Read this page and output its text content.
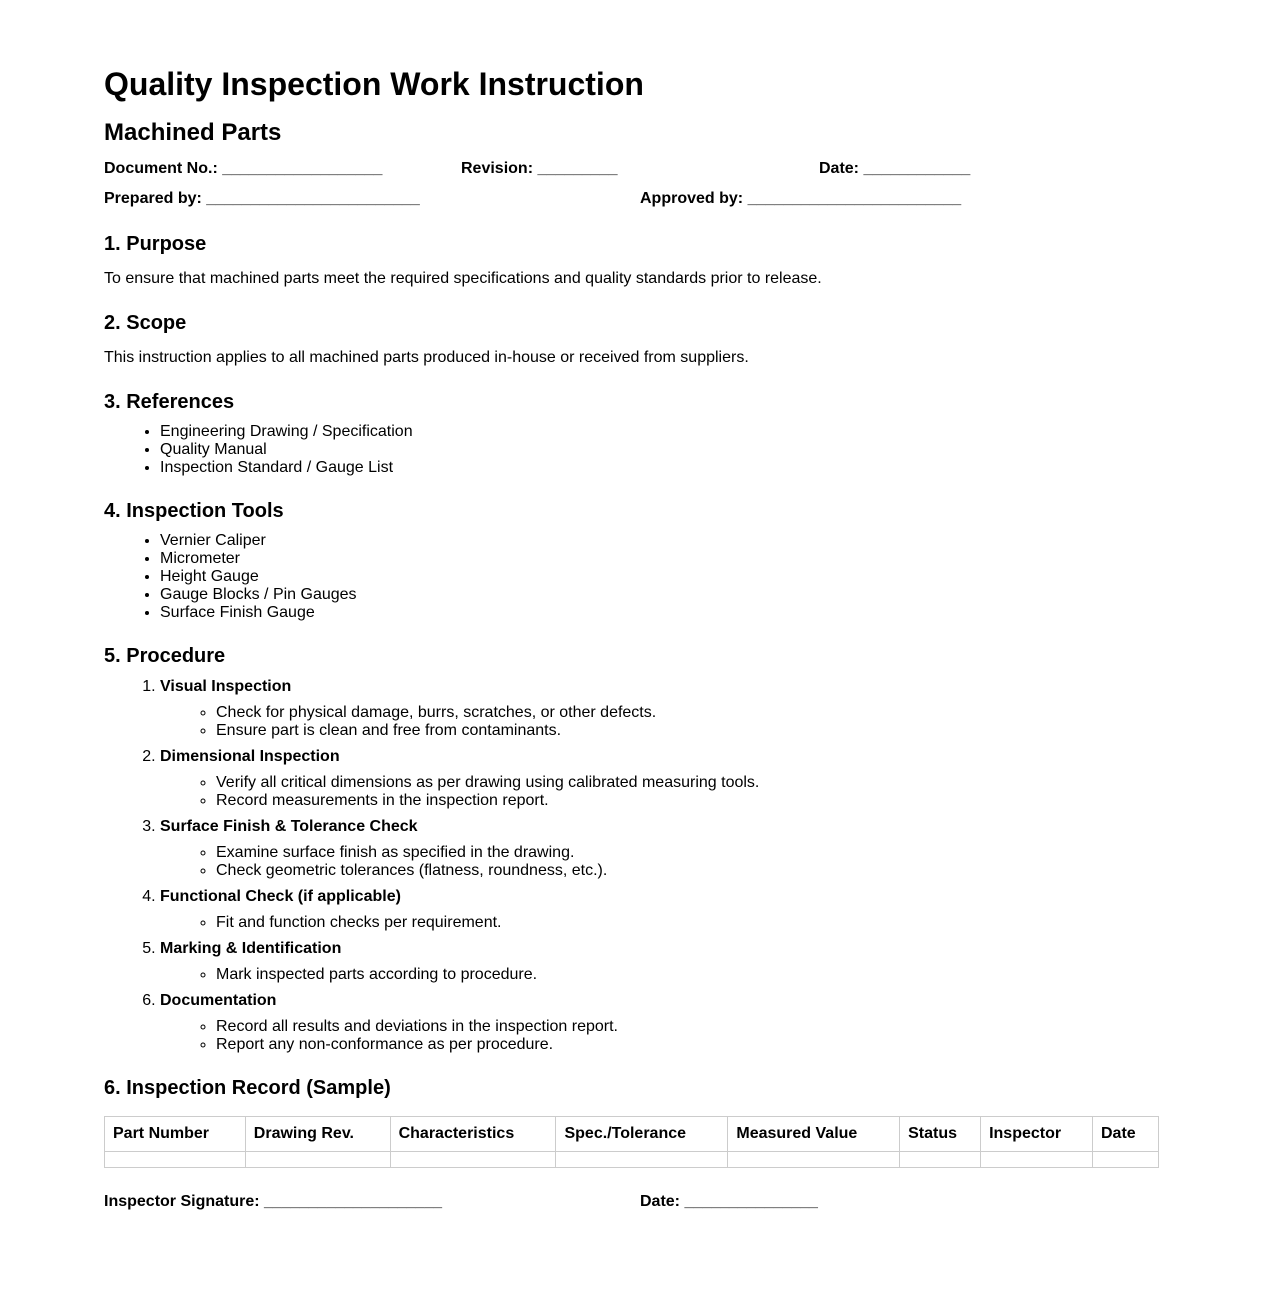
Quality Inspection Work Instruction
Machined Parts
Document No.: __________________	Revision: _________	Date: ____________
Prepared by: ________________________	Approved by: ________________________
1. Purpose

To ensure that machined parts meet the required specifications and quality standards prior to release.

2. Scope

This instruction applies to all machined parts produced in-house or received from suppliers.

3. References
• Engineering Drawing / Specification
• Quality Manual
• Inspection Standard / Gauge List
4. Inspection Tools
• Vernier Caliper
• Micrometer
• Height Gauge
• Gauge Blocks / Pin Gauges
• Surface Finish Gauge
5. Procedure
1. Visual Inspection
◦ Check for physical damage, burrs, scratches, or other defects.
◦ Ensure part is clean and free from contaminants.
2. Dimensional Inspection
◦ Verify all critical dimensions as per drawing using calibrated measuring tools.
◦ Record measurements in the inspection report.
3. Surface Finish & Tolerance Check
◦ Examine surface finish as specified in the drawing.
◦ Check geometric tolerances (flatness, roundness, etc.).
4. Functional Check (if applicable)
◦ Fit and function checks per requirement.
5. Marking & Identification
◦ Mark inspected parts according to procedure.
6. Documentation
◦ Record all results and deviations in the inspection report.
◦ Report any non-conformance as per procedure.
6. Inspection Record (Sample)
Part Number	Drawing Rev.	Characteristics	Spec./Tolerance	Measured Value	Status	Inspector	Date

Inspector Signature: ____________________	Date: _______________
